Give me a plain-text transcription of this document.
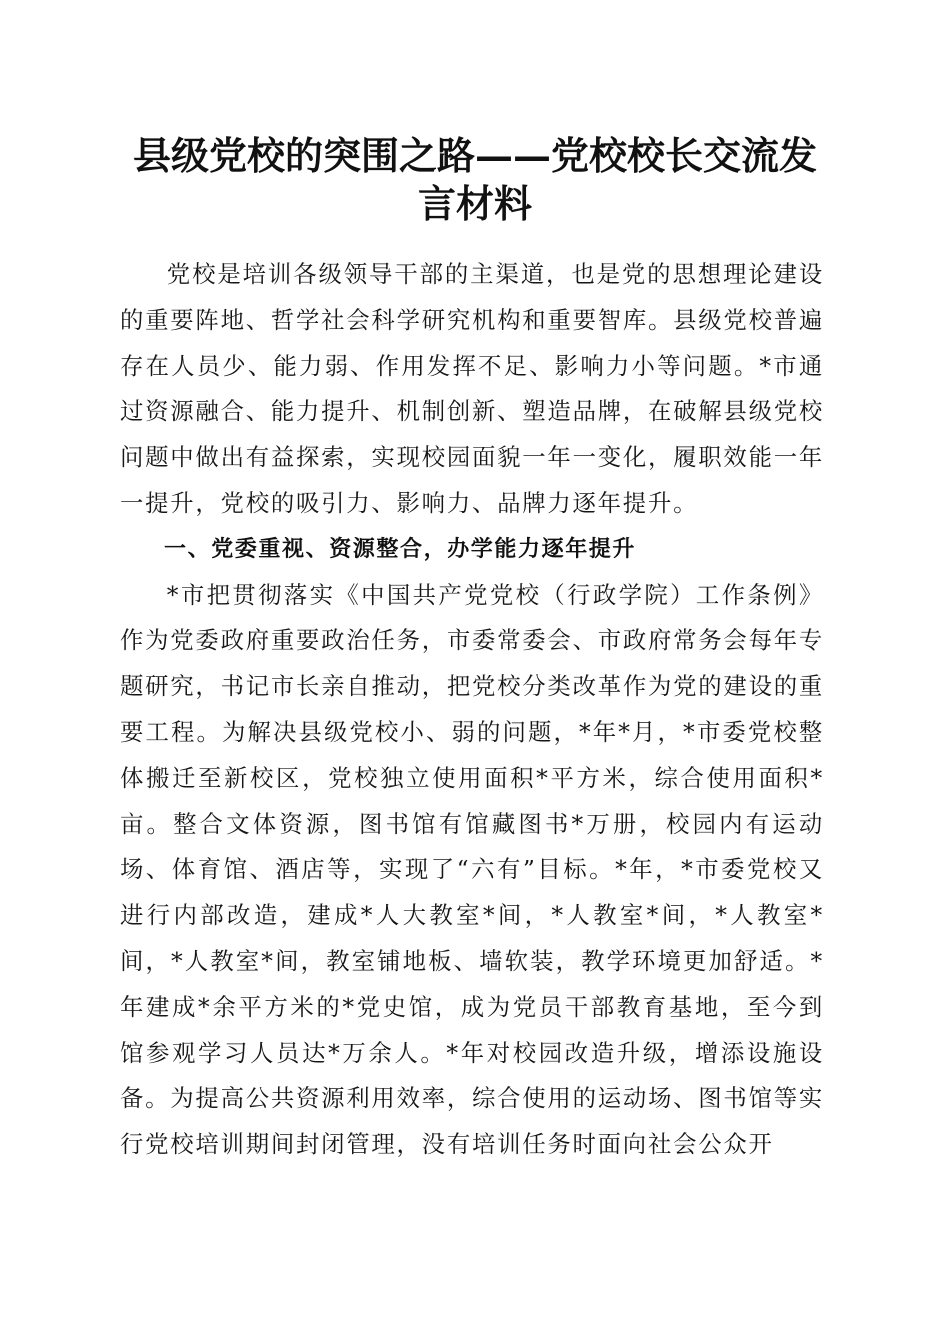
县级党校的突围之路——党校校长交流发言材料

党校是培训各级领导干部的主渠道，也是党的思想理论建设的重要阵地、哲学社会科学研究机构和重要智库。县级党校普遍存在人员少、能力弱、作用发挥不足、影响力小等问题。*市通过资源融合、能力提升、机制创新、塑造品牌，在破解县级党校问题中做出有益探索，实现校园面貌一年一变化，履职效能一年一提升，党校的吸引力、影响力、品牌力逐年提升。

一、党委重视、资源整合，办学能力逐年提升

*市把贯彻落实《中国共产党党校（行政学院）工作条例》作为党委政府重要政治任务，市委常委会、市政府常务会每年专题研究，书记市长亲自推动，把党校分类改革作为党的建设的重要工程。为解决县级党校小、弱的问题，*年*月，*市委党校整体搬迁至新校区，党校独立使用面积*平方米，综合使用面积*亩。整合文体资源，图书馆有馆藏图书*万册，校园内有运动场、体育馆、酒店等，实现了“六有”目标。*年，*市委党校又进行内部改造，建成*人大教室*间，*人教室*间，*人教室*间，*人教室*间，教室铺地板、墙软装，教学环境更加舒适。*年建成*余平方米的*党史馆，成为党员干部教育基地，至今到馆参观学习人员达*万余人。*年对校园改造升级，增添设施设备。为提高公共资源利用效率，综合使用的运动场、图书馆等实行党校培训期间封闭管理，没有培训任务时面向社会公众开
